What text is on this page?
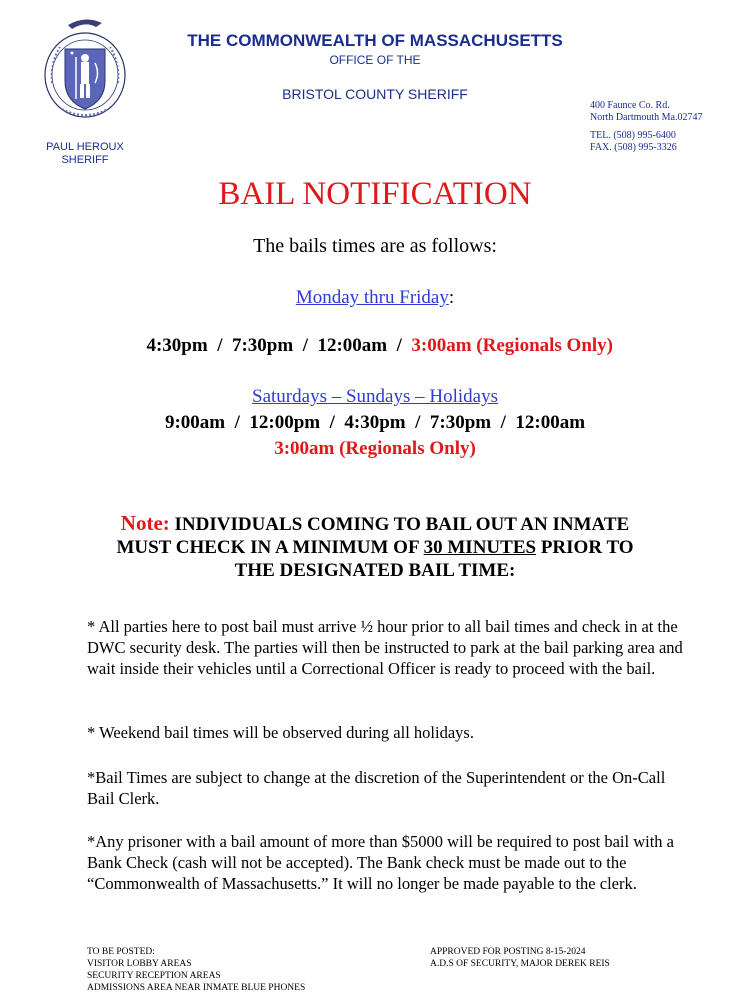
THE COMMONWEALTH OF MASSACHUSETTS
OFFICE OF THE
BRISTOL COUNTY SHERIFF
400 Faunce Co. Rd.
North Dartmouth Ma.02747
TEL. (508) 995-6400
FAX. (508) 995-3326
PAUL HEROUX
SHERIFF
BAIL NOTIFICATION
The bails times are as follows:
Monday thru Friday:

4:30pm  /  7:30pm  /  12:00am  /  3:00am (Regionals Only)

Saturdays – Sundays – Holidays
9:00am  /  12:00pm  /  4:30pm  /  7:30pm  /  12:00am
3:00am (Regionals Only)
Note: INDIVIDUALS COMING TO BAIL OUT AN INMATE
MUST CHECK IN A MINIMUM OF 30 MINUTES PRIOR TO
THE DESIGNATED BAIL TIME:
* All parties here to post bail must arrive ½ hour prior to all bail times and check in at the DWC security desk. The parties will then be instructed to park at the bail parking area and wait inside their vehicles until a Correctional Officer is ready to proceed with the bail.
* Weekend bail times will be observed during all holidays.
*Bail Times are subject to change at the discretion of the Superintendent or the On-Call Bail Clerk.
*Any prisoner with a bail amount of more than $5000 will be required to post bail with a Bank Check (cash will not be accepted). The Bank check must be made out to the “Commonwealth of Massachusetts.” It will no longer be made payable to the clerk.
TO BE POSTED:
VISITOR LOBBY AREAS
SECURITY RECEPTION AREAS
ADMISSIONS AREA NEAR INMATE BLUE PHONES
APPROVED FOR POSTING 8-15-2024
A.D.S OF SECURITY, MAJOR DEREK REIS
